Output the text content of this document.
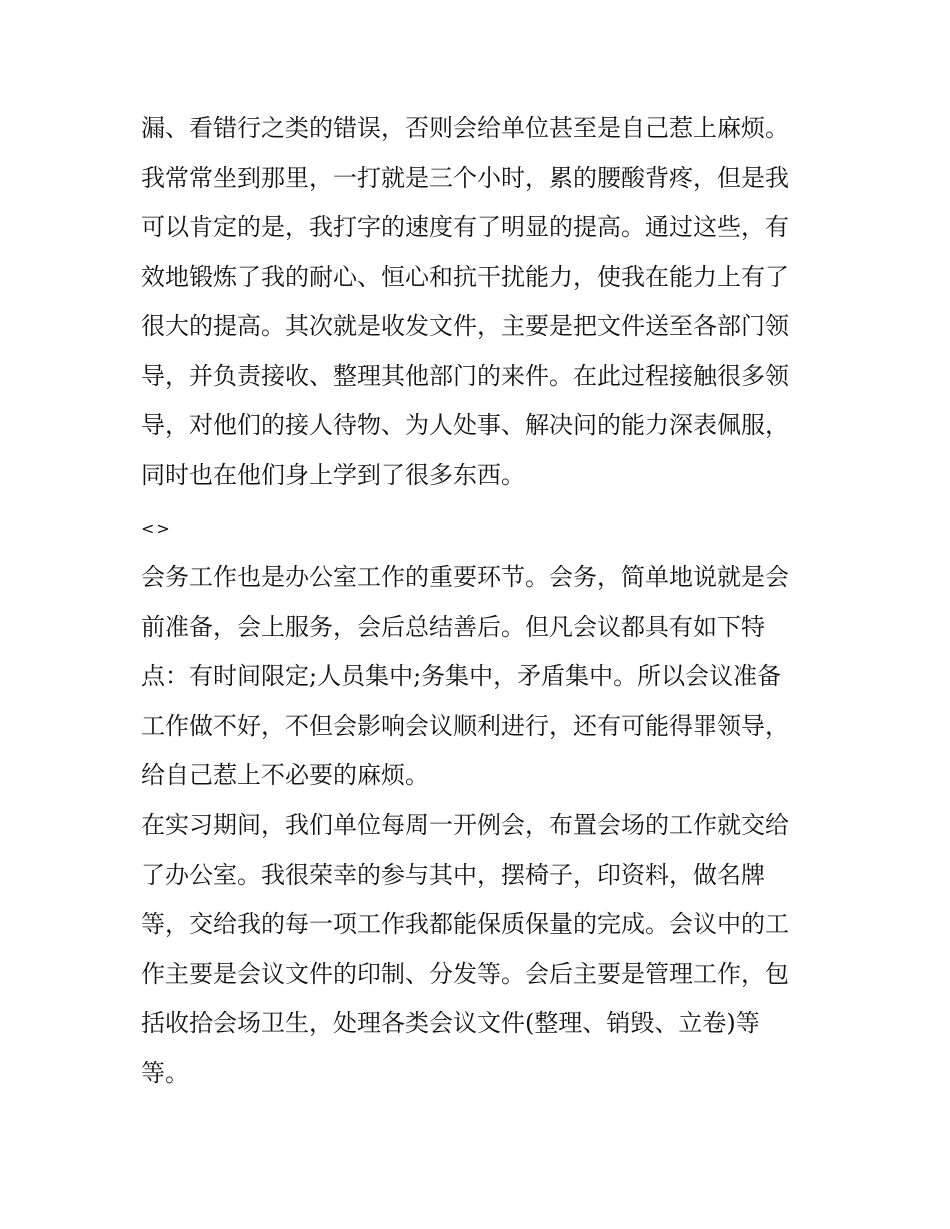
漏、看错行之类的错误，否则会给单位甚至是自己惹上麻烦。
我常常坐到那里，一打就是三个小时，累的腰酸背疼，但是我
可以肯定的是，我打字的速度有了明显的提高。通过这些，有
效地锻炼了我的耐心、恒心和抗干扰能力，使我在能力上有了
很大的提高。其次就是收发文件，主要是把文件送至各部门领
导，并负责接收、整理其他部门的来件。在此过程接触很多领
导，对他们的接人待物、为人处事、解决问的能力深表佩服，
同时也在他们身上学到了很多东西。
<>
会务工作也是办公室工作的重要环节。会务，简单地说就是会
前准备，会上服务，会后总结善后。但凡会议都具有如下特
点：有时间限定;人员集中;务集中，矛盾集中。所以会议准备
工作做不好，不但会影响会议顺利进行，还有可能得罪领导，
给自己惹上不必要的麻烦。
在实习期间，我们单位每周一开例会，布置会场的工作就交给
了办公室。我很荣幸的参与其中，摆椅子，印资料，做名牌
等，交给我的每一项工作我都能保质保量的完成。会议中的工
作主要是会议文件的印制、分发等。会后主要是管理工作，包
括收拾会场卫生，处理各类会议文件(整理、销毁、立卷)等
等。
